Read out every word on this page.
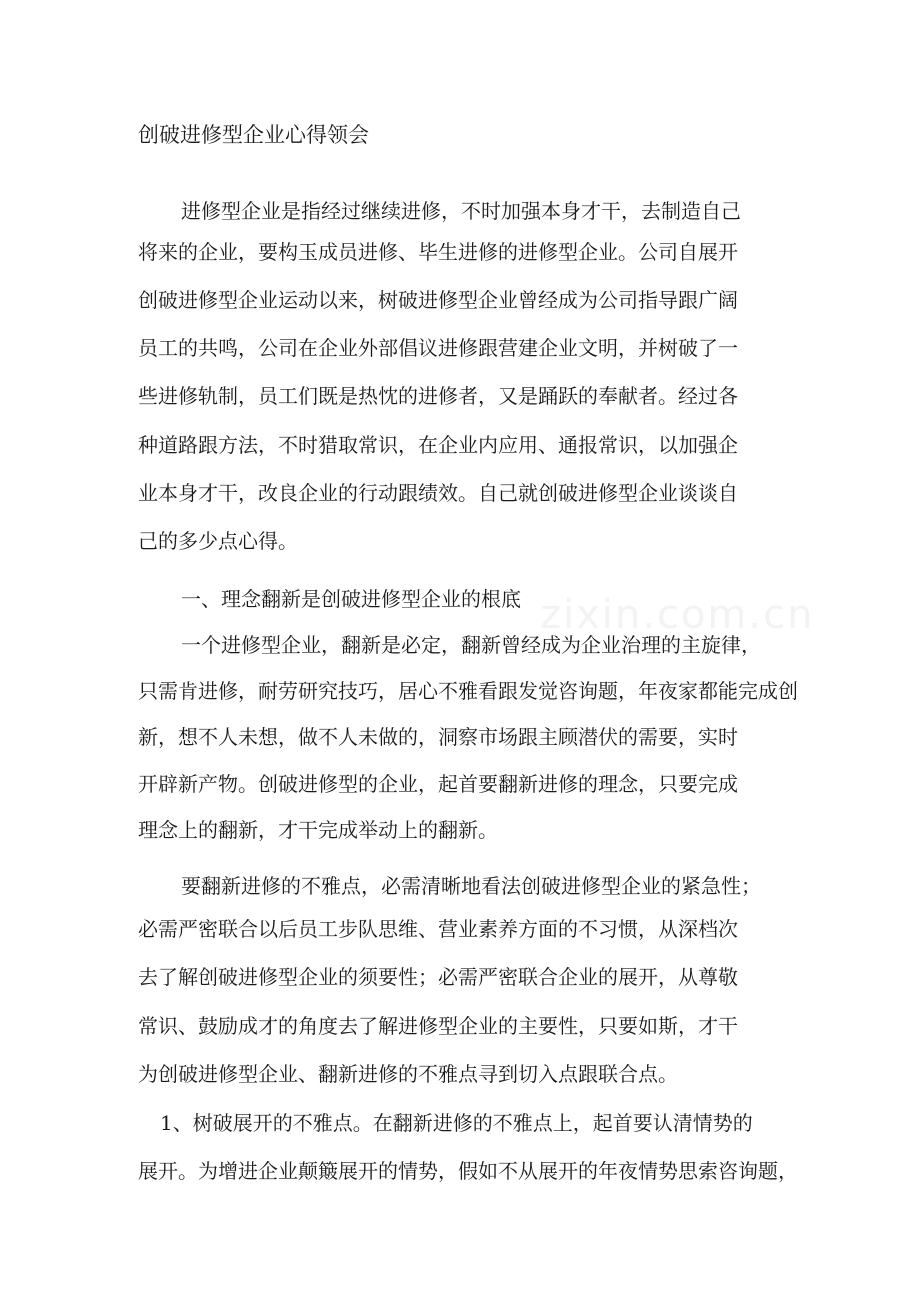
zixin.com.cn
创破进修型企业心得领会
进修型企业是指经过继续进修，不时加强本身才干，去制造自己
将来的企业，要构玉成员进修、毕生进修的进修型企业。公司自展开
创破进修型企业运动以来，树破进修型企业曾经成为公司指导跟广阔
员工的共鸣，公司在企业外部倡议进修跟营建企业文明，并树破了一
些进修轨制，员工们既是热忱的进修者，又是踊跃的奉献者。经过各
种道路跟方法，不时猎取常识，在企业内应用、通报常识，以加强企
业本身才干，改良企业的行动跟绩效。自己就创破进修型企业谈谈自
己的多少点心得。
一、理念翻新是创破进修型企业的根底
一个进修型企业，翻新是必定，翻新曾经成为企业治理的主旋律，
只需肯进修，耐劳研究技巧，居心不雅看跟发觉咨询题，年夜家都能完成创
新，想不人未想，做不人未做的，洞察市场跟主顾潜伏的需要，实时
开辟新产物。创破进修型的企业，起首要翻新进修的理念，只要完成
理念上的翻新，才干完成举动上的翻新。
要翻新进修的不雅点，必需清晰地看法创破进修型企业的紧急性；
必需严密联合以后员工步队思维、营业素养方面的不习惯，从深档次
去了解创破进修型企业的须要性；必需严密联合企业的展开，从尊敬
常识、鼓励成才的角度去了解进修型企业的主要性，只要如斯，才干
为创破进修型企业、翻新进修的不雅点寻到切入点跟联合点。
1、树破展开的不雅点。在翻新进修的不雅点上，起首要认清情势的
展开。为增进企业颠簸展开的情势，假如不从展开的年夜情势思索咨询题，
